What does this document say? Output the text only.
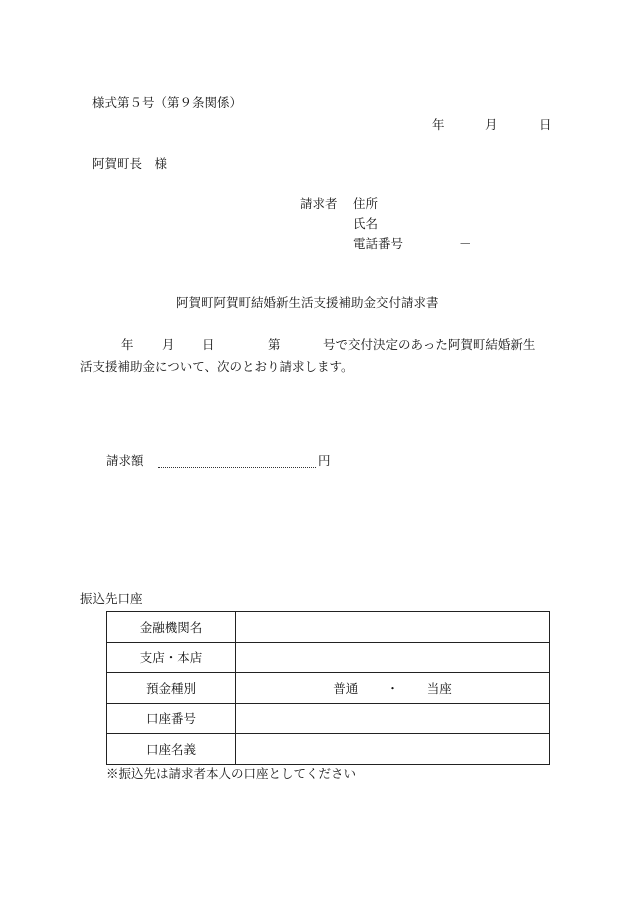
様式第５号（第９条関係）
年	月	日
阿賀町長　様
請求者 住所
氏名
電話番号	－
阿賀町阿賀町結婚新生活支援補助金交付請求書
年 月 日	第	号で交付決定のあった阿賀町結婚新生
活支援補助金について、次のとおり請求します。
請求額	円
振込先口座
金融機関名	
支店・本店	
預金種別	普通 ・ 当座
口座番号	
口座名義	
※振込先は請求者本人の口座としてください
